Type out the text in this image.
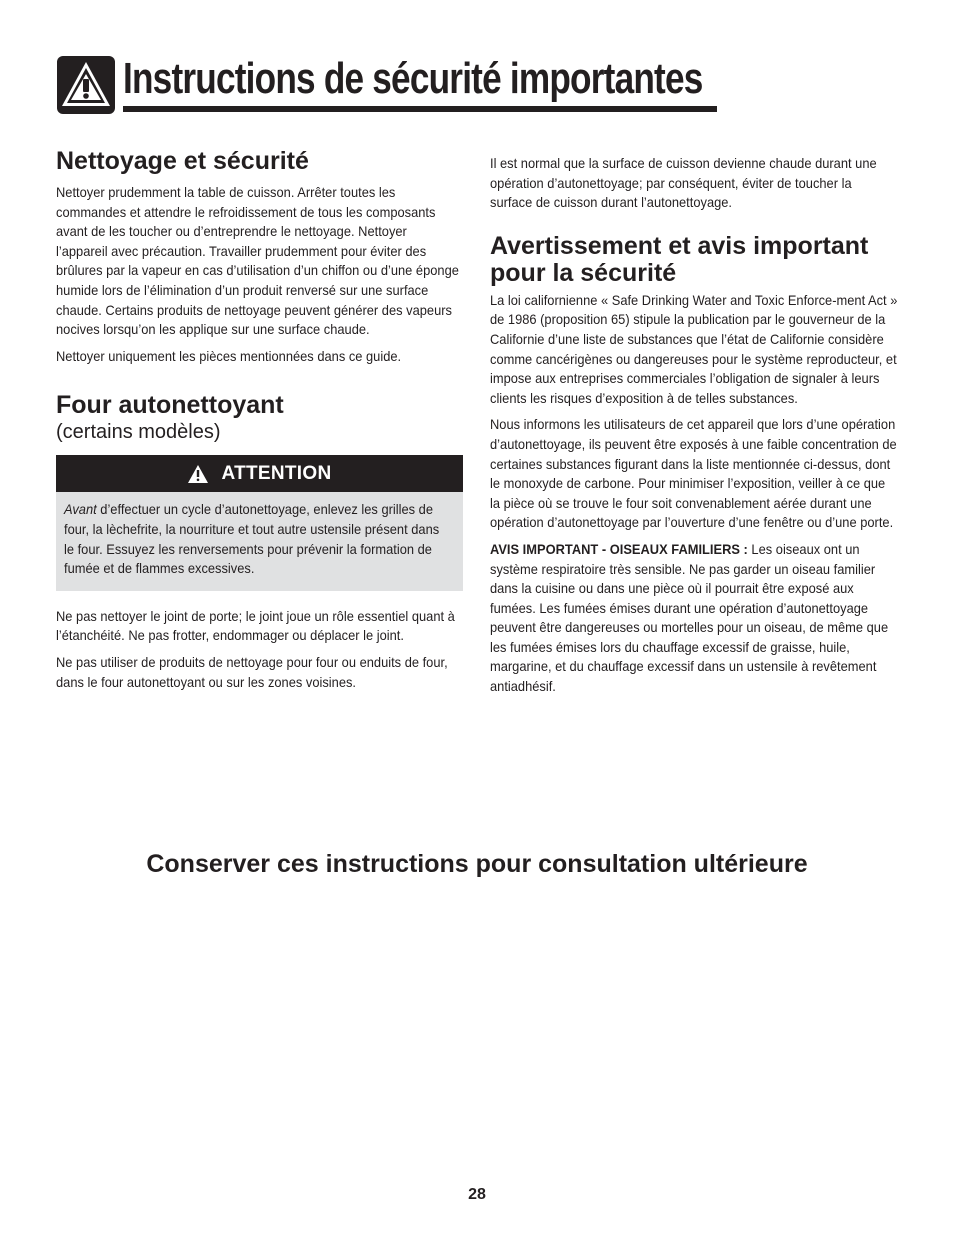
Instructions de sécurité importantes
Nettoyage et sécurité

Nettoyer prudemment la table de cuisson. Arrêter toutes les commandes et attendre le refroidissement de tous les composants avant de les toucher ou d’entreprendre le nettoyage. Nettoyer l’appareil avec précaution. Travailler prudemment pour éviter des brûlures par la vapeur en cas d’utilisation d’un chiffon ou d’une éponge humide lors de l’élimination d’un produit renversé sur une surface chaude. Certains produits de nettoyage peuvent générer des vapeurs nocives lorsqu’on les applique sur une surface chaude.

Nettoyer uniquement les pièces mentionnées dans ce guide.

Four autonettoyant
(certains modèles)
ATTENTION

Avant d’effectuer un cycle d’autonettoyage, enlevez les grilles de four, la lèchefrite, la nourriture et tout autre ustensile présent dans le four. Essuyez les renversements pour prévenir la formation de fumée et de flammes excessives.

Ne pas nettoyer le joint de porte; le joint joue un rôle essentiel quant à l’étanchéité. Ne pas frotter, endommager ou déplacer le joint.

Ne pas utiliser de produits de nettoyage pour four ou enduits de four, dans le four autonettoyant ou sur les zones voisines.

Il est normal que la surface de cuisson devienne chaude durant une opération d’autonettoyage; par conséquent, éviter de toucher la surface de cuisson durant l’autonettoyage.

Avertissement et avis important pour la sécurité

La loi californienne « Safe Drinking Water and Toxic Enforce-ment Act » de 1986 (proposition 65) stipule la publication par le gouverneur de la Californie d’une liste de substances que l’état de Californie considère comme cancérigènes ou dangereuses pour le système reproducteur, et impose aux entreprises commerciales l’obligation de signaler à leurs clients les risques d’exposition à de telles substances.

Nous informons les utilisateurs de cet appareil que lors d’une opération d’autonettoyage, ils peuvent être exposés à une faible concentration de certaines substances figurant dans la liste mentionnée ci-dessus, dont le monoxyde de carbone. Pour minimiser l’exposition, veiller à ce que la pièce où se trouve le four soit convenablement aérée durant une opération d’autonettoyage par l’ouverture d’une fenêtre ou d’une porte.

AVIS IMPORTANT - OISEAUX FAMILIERS : Les oiseaux ont un système respiratoire très sensible. Ne pas garder un oiseau familier dans la cuisine ou dans une pièce où il pourrait être exposé aux fumées. Les fumées émises durant une opération d’autonettoyage peuvent être dangereuses ou mortelles pour un oiseau, de même que les fumées émises lors du chauffage excessif de graisse, huile, margarine, et du chauffage excessif dans un ustensile à revêtement antiadhésif.

Conserver ces instructions pour consultation ultérieure
28
